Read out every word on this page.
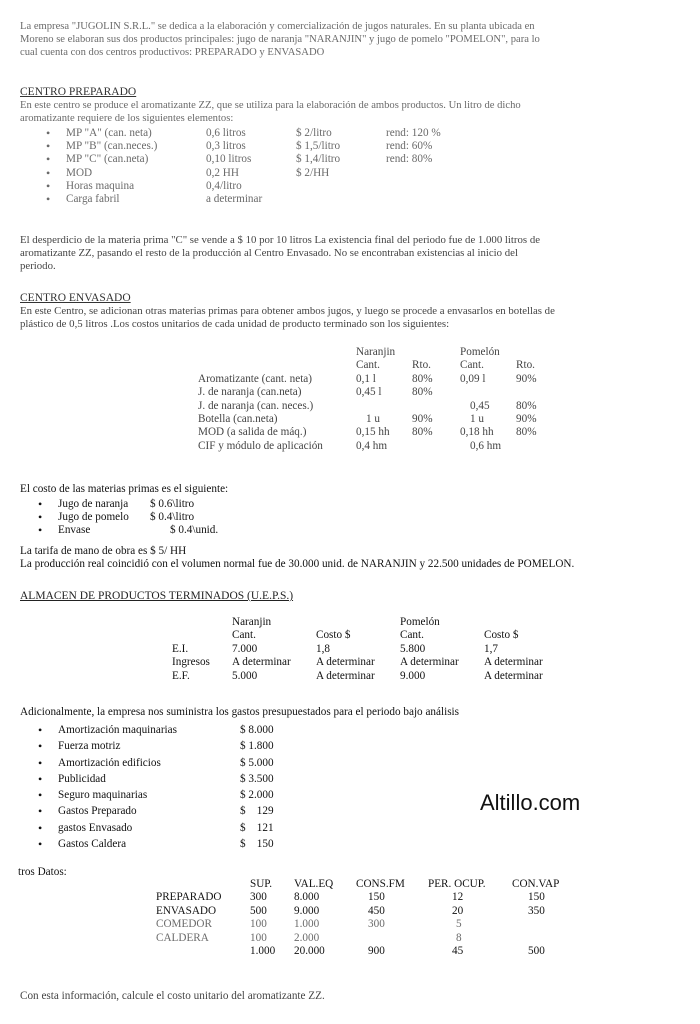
La empresa "JUGOLIN S.R.L." se dedica a la elaboración y comercialización de jugos naturales. En su planta ubicada en
Moreno se elaboran sus dos productos principales: jugo de naranja "NARANJIN" y jugo de pomelo "POMELON", para lo
cual cuenta con dos centros productivos: PREPARADO y ENVASADO
CENTRO PREPARADO
En este centro se produce el aromatizante ZZ, que se utiliza para la elaboración de ambos productos. Un litro de dicho
aromatizante requiere de los siguientes elementos:
• MP "A" (can. neta)	0,6 litros	$ 2/litro	rend: 120 %
• MP "B" (can.neces.)	0,3 litros	$ 1,5/litro	rend: 60%
• MP "C" (can.neta)	0,10 litros	$ 1,4/litro	rend: 80%
• MOD	0,2 HH	$ 2/HH
• Horas maquina	0,4/litro
• Carga fabril	a determinar
El desperdicio de la materia prima "C" se vende a $ 10 por 10 litros La existencia final del periodo fue de 1.000 litros de
aromatizante ZZ, pasando el resto de la producción al Centro Envasado. No se encontraban existencias al inicio del
periodo.
CENTRO ENVASADO
En este Centro, se adicionan otras materias primas para obtener ambos jugos, y luego se procede a envasarlos en botellas de
plástico de 0,5 litros .Los costos unitarios de cada unidad de producto terminado son los siguientes:
	Naranjin		Pomelón	
	Cant.	Rto.	Cant.	Rto.
Aromatizante (cant. neta)	0,1 l	80%	0,09 l	90%
J. de naranja (can.neta)	0,45 l	80%		
J. de naranja (can. neces.)			0,45	80%
Botella (can.neta)	1 u	90%	1 u	90%
MOD (a salida de máq.)	0,15 hh	80%	0,18 hh	80%
CIF y módulo de aplicación	0,4 hm		0,6 hm	
El costo de las materias primas es el siguiente:
• Jugo de naranja $ 0.6\litro
• Jugo de pomelo $ 0.4\litro
• Envase	$ 0.4\unid.
La tarifa de mano de obra es $ 5/ HH
La producción real coincidió con el volumen normal fue de 30.000 unid. de NARANJIN y 22.500 unidades de POMELON.
ALMACEN DE PRODUCTOS TERMINADOS (U.E.P.S.)
	Naranjin		Pomelón	
	Cant.	Costo $	Cant.	Costo $
E.I.	7.000	1,8	5.800	1,7
Ingresos	A determinar	A determinar	A determinar	A determinar
E.F.	5.000	A determinar	9.000	A determinar
Adicionalmente, la empresa nos suministra los gastos presupuestados para el periodo bajo análisis
• Amortización maquinarias	$ 8.000
• Fuerza motriz	$ 1.800
• Amortización edificios	$ 5.000
• Publicidad	$ 3.500
• Seguro maquinarias	$ 2.000
• Gastos Preparado	$    129
• gastos Envasado	$    121
• Gastos Caldera	$    150
Altillo.com
tros Datos:
	SUP.	VAL.EQ	CONS.FM	PER. OCUP.	CON.VAP
PREPARADO	300	8.000	150	12	150
ENVASADO	500	9.000	450	20	350
COMEDOR	100	1.000	300	5	
CALDERA	100	2.000		8	
	1.000	20.000	900	45	500
Con esta información, calcule el costo unitario del aromatizante ZZ.
